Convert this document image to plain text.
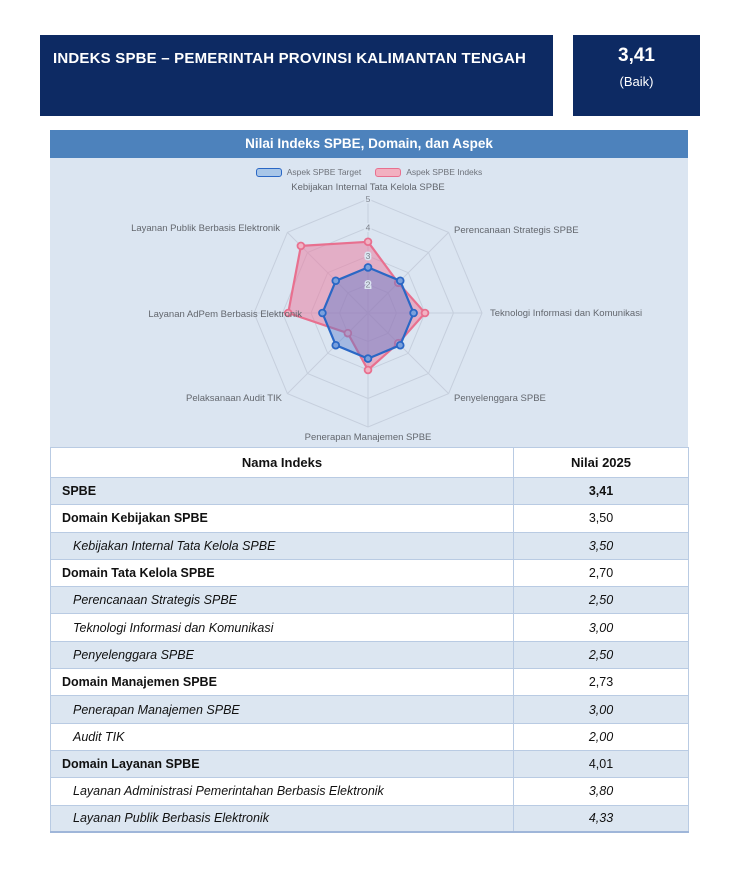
INDEKS SPBE – PEMERINTAH PROVINSI KALIMANTAN TENGAH	3,41
(Baik)
Nilai Indeks SPBE, Domain, dan Aspek
2
3
4
5
Kebijakan Internal Tata Kelola SPBE
Perencanaan Strategis SPBE
Teknologi Informasi dan Komunikasi
Penyelenggara SPBE
Penerapan Manajemen SPBE
Pelaksanaan Audit TIK
Layanan AdPem Berbasis Elektronik
Layanan Publik Berbasis Elektronik
Aspek SPBE Target	Aspek SPBE Indeks
Nama Indeks	Nilai 2025
SPBE	3,41
Domain Kebijakan SPBE	3,50
Kebijakan Internal Tata Kelola SPBE	3,50
Domain Tata Kelola SPBE	2,70
Perencanaan Strategis SPBE	2,50
Teknologi Informasi dan Komunikasi	3,00
Penyelenggara SPBE	2,50
Domain Manajemen SPBE	2,73
Penerapan Manajemen SPBE	3,00
Audit TIK	2,00
Domain Layanan SPBE	4,01
Layanan Administrasi Pemerintahan Berbasis Elektronik	3,80
Layanan Publik Berbasis Elektronik	4,33
